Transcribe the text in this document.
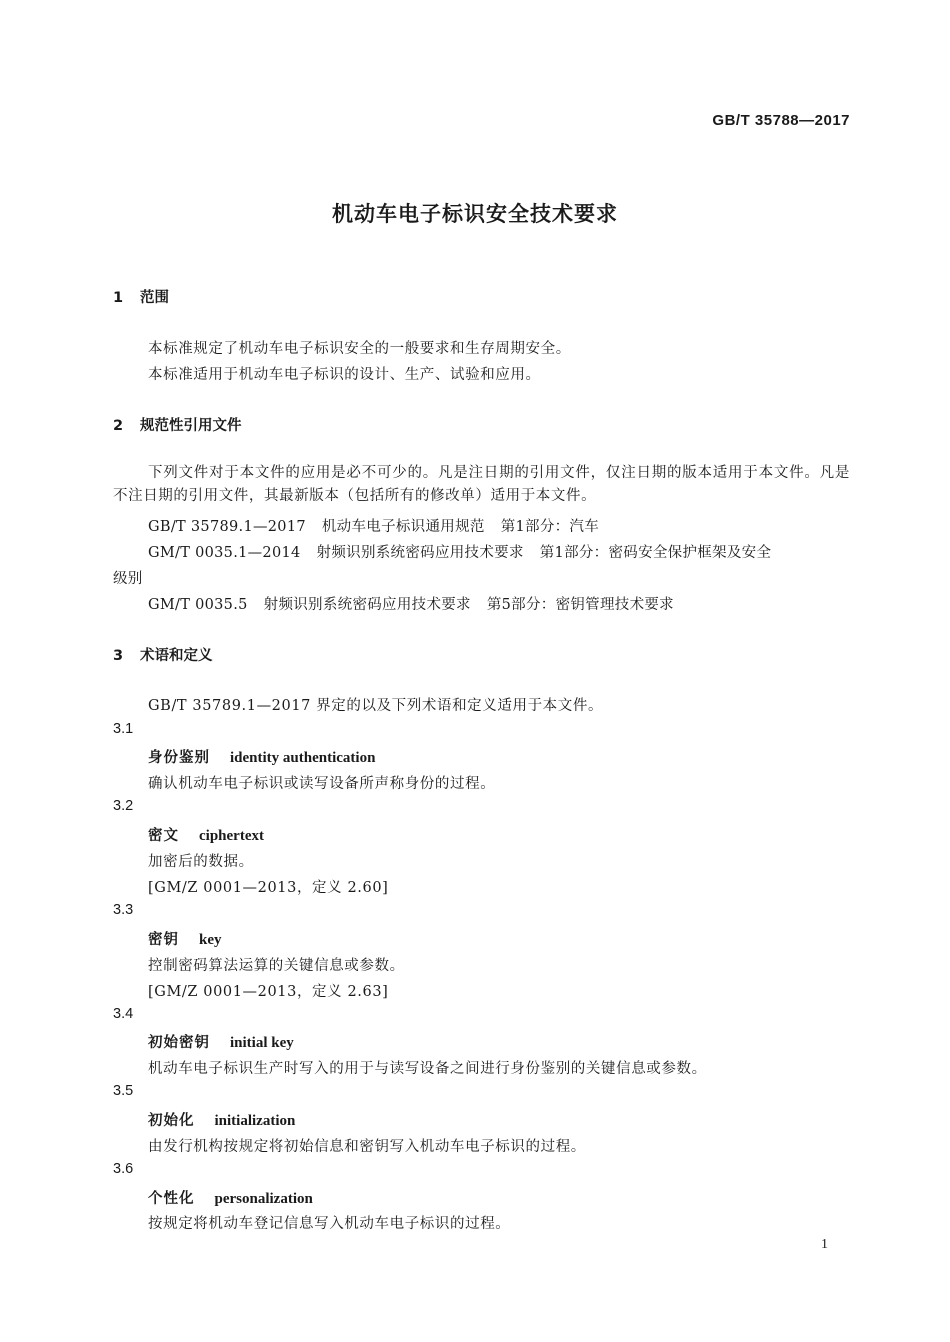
GB/T 35788—2017
机动车电子标识安全技术要求
1 范围
本标准规定了机动车电子标识安全的一般要求和生存周期安全。
本标准适用于机动车电子标识的设计、生产、试验和应用。
2 规范性引用文件
下列文件对于本文件的应用是必不可少的。凡是注日期的引用文件，仅注日期的版本适用于本文件。凡是不注日期的引用文件，其最新版本（包括所有的修改单）适用于本文件。
GB/T 35789.1—2017 机动车电子标识通用规范 第1部分：汽车
GM/T 0035.1—2014 射频识别系统密码应用技术要求 第1部分：密码安全保护框架及安全
级别
GM/T 0035.5 射频识别系统密码应用技术要求 第5部分：密钥管理技术要求
3 术语和定义
GB/T 35789.1—2017 界定的以及下列术语和定义适用于本文件。
3.1
身份鉴别 identity authentication
确认机动车电子标识或读写设备所声称身份的过程。
3.2
密文 ciphertext
加密后的数据。
[GM/Z 0001—2013，定义 2.60]
3.3
密钥 key
控制密码算法运算的关键信息或参数。
[GM/Z 0001—2013，定义 2.63]
3.4
初始密钥 initial key
机动车电子标识生产时写入的用于与读写设备之间进行身份鉴别的关键信息或参数。
3.5
初始化 initialization
由发行机构按规定将初始信息和密钥写入机动车电子标识的过程。
3.6
个性化 personalization
按规定将机动车登记信息写入机动车电子标识的过程。
1
